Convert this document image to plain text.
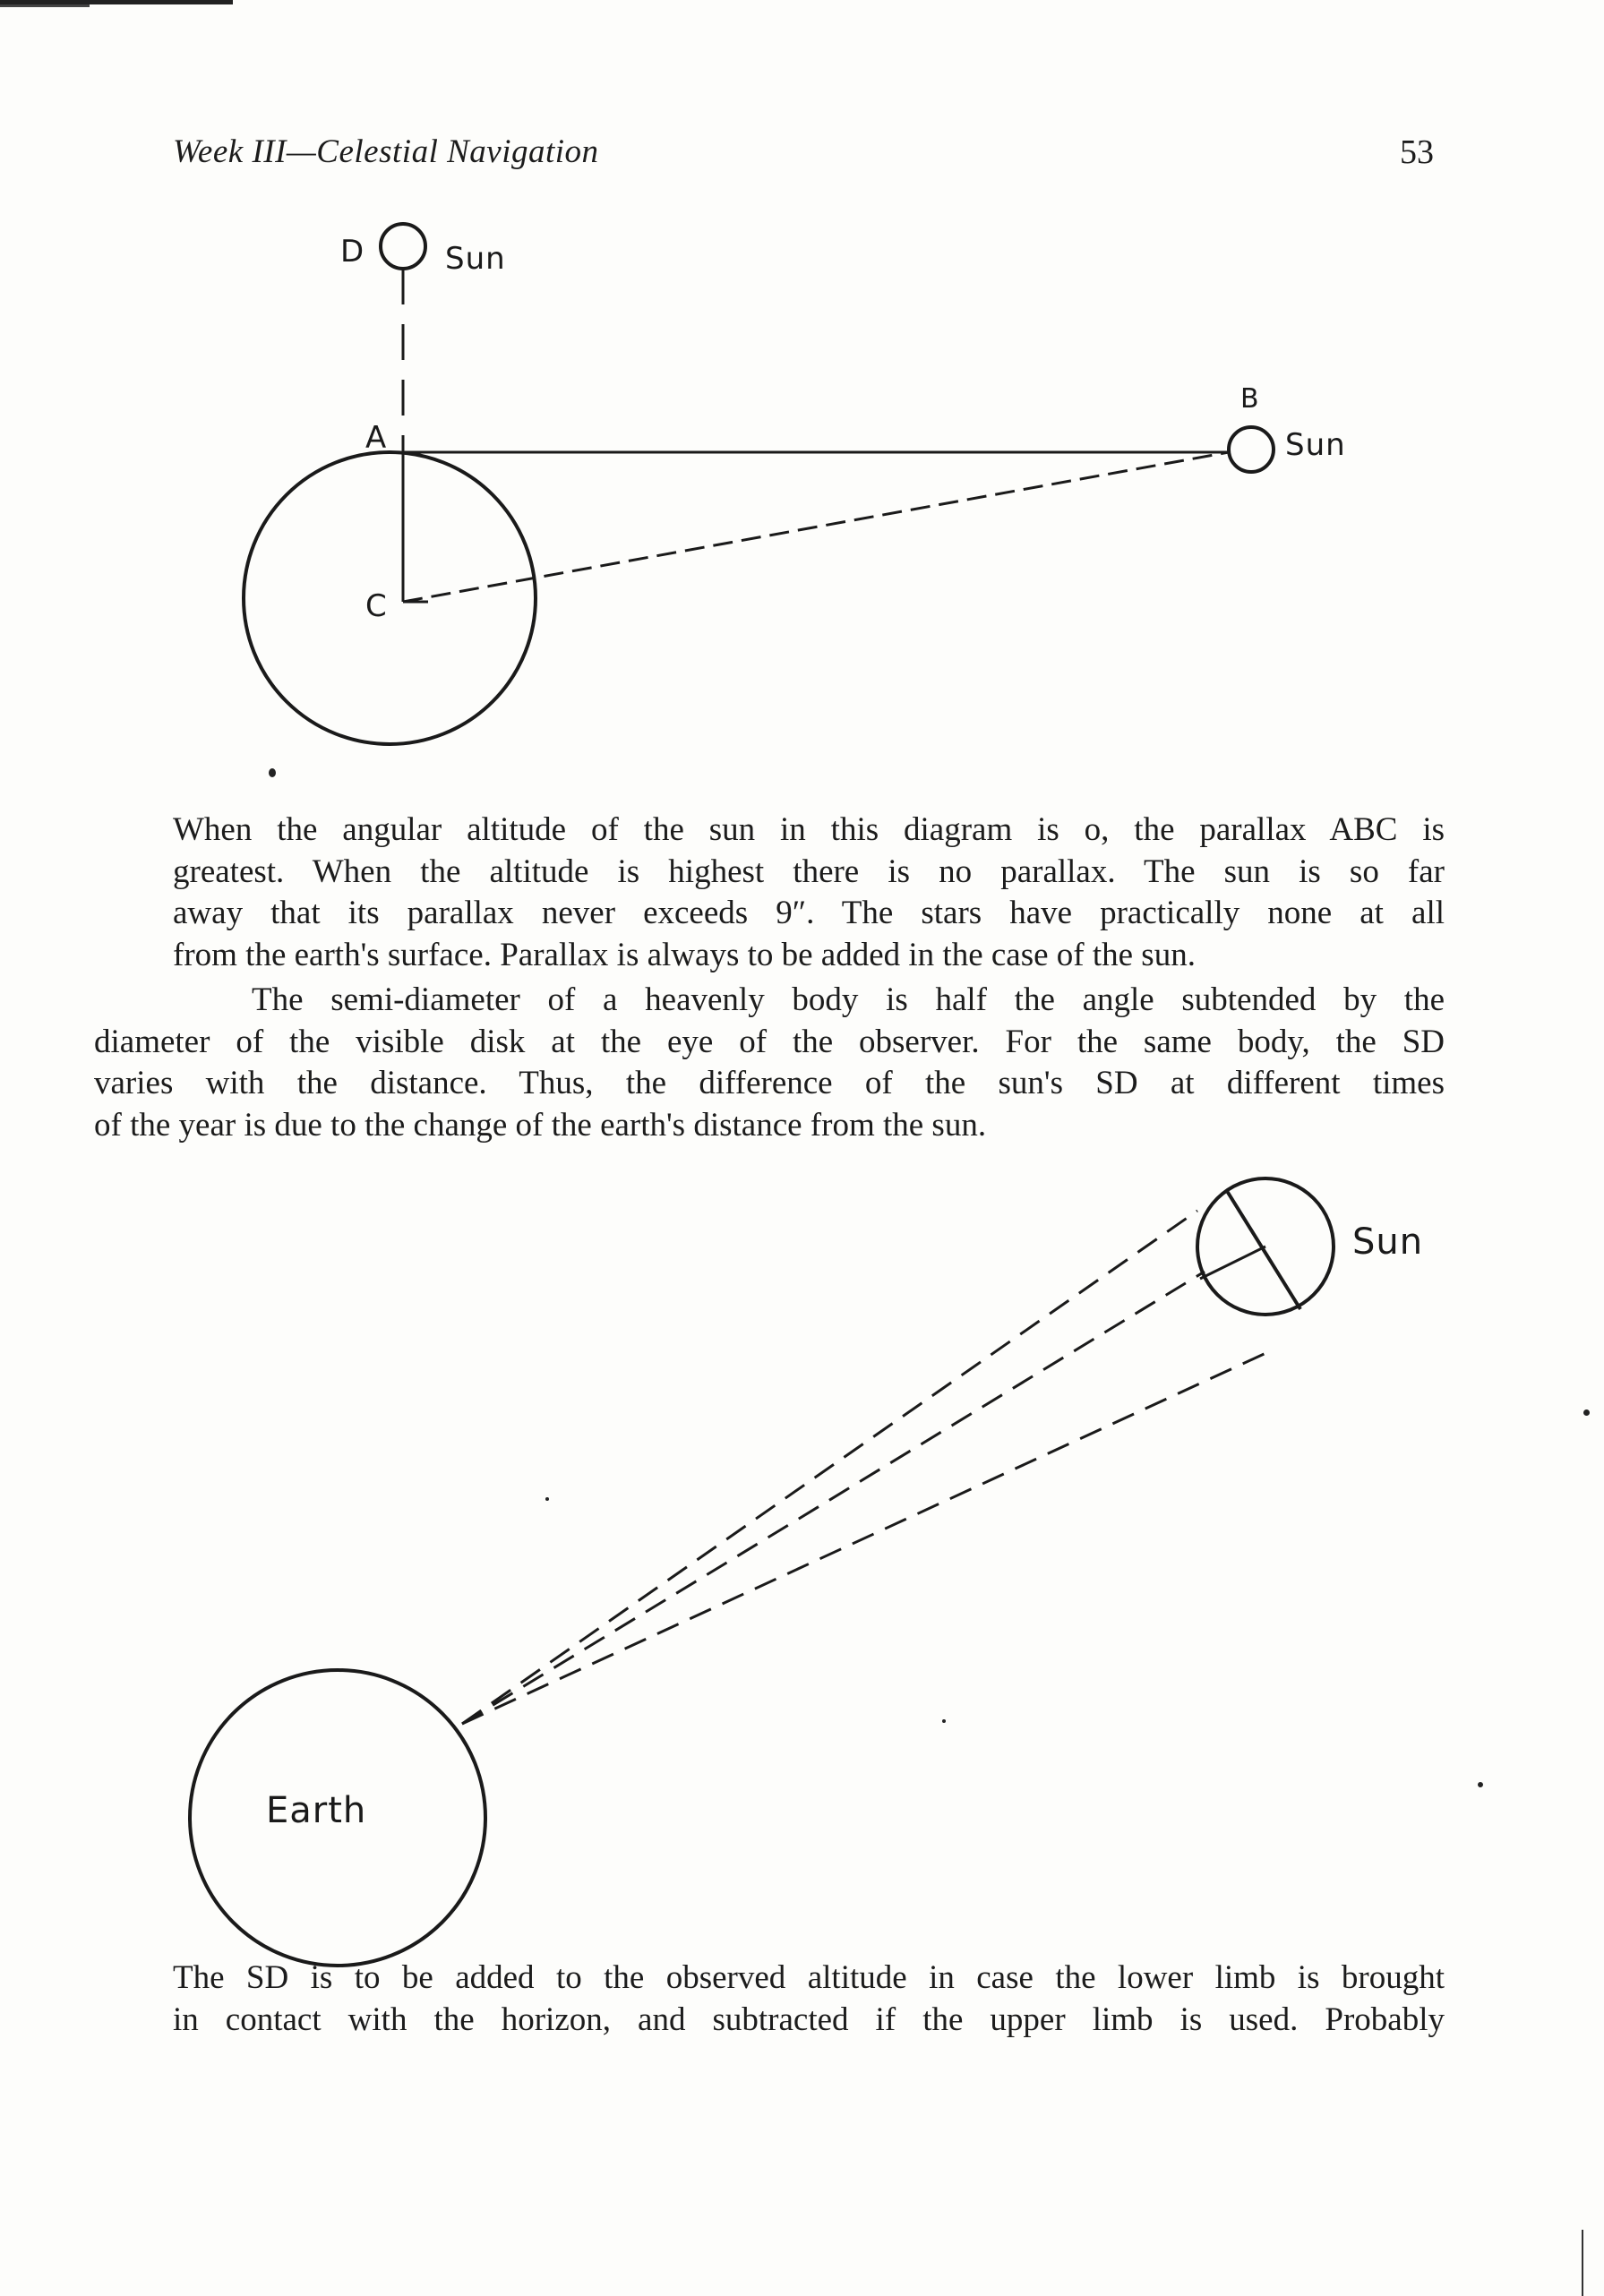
Week III—Celestial Navigation	53
D	Sun
A
B
Sun
C

When the angular altitude of the sun in this diagram is o, the parallax ABC is
greatest. When the altitude is highest there is no parallax. The sun is so far
away that its parallax never exceeds 9″. The stars have practically none at all
from the earth's surface. Parallax is always to be added in the case of the sun.

The semi-diameter of a heavenly body is half the angle subtended by the
diameter of the visible disk at the eye of the observer. For the same body, the SD
varies with the distance. Thus, the difference of the sun's SD at different times
of the year is due to the change of the earth's distance from the sun.

Sun
Earth

The SD is to be added to the observed altitude in case the lower limb is brought
in contact with the horizon, and subtracted if the upper limb is used. Probably
